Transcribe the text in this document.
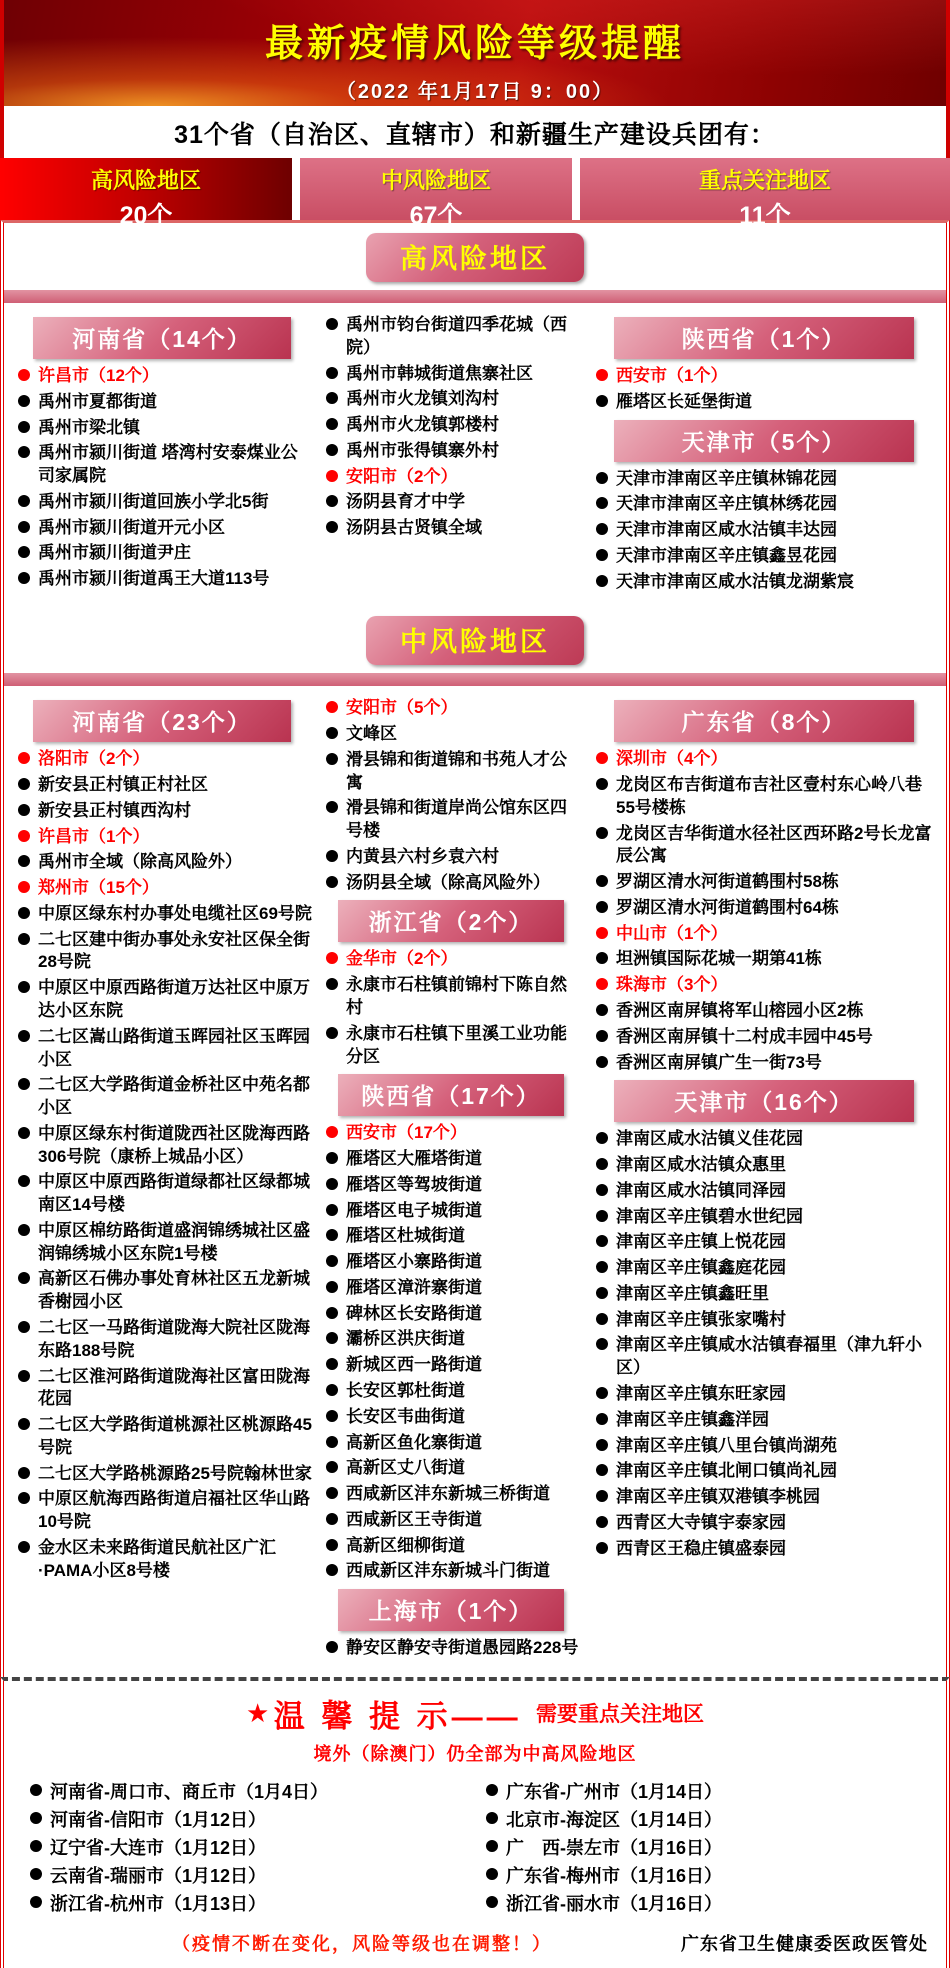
最新疫情风险等级提醒
（2022 年1月17日 9：00）
31个省（自治区、直辖市）和新疆生产建设兵团有：
高风险地区
20个
中风险地区
67个
重点关注地区
11个
高风险地区
河南省（14个）
许昌市（12个）
禹州市夏都街道
禹州市梁北镇
禹州市颍川街道 塔湾村安泰煤业公司家属院
禹州市颍川街道回族小学北5街
禹州市颍川街道开元小区
禹州市颍川街道尹庄
禹州市颍川街道禹王大道113号
禹州市钧台街道四季花城（西院）
禹州市韩城街道焦寨社区
禹州市火龙镇刘沟村
禹州市火龙镇郭楼村
禹州市张得镇寨外村
安阳市（2个）
汤阴县育才中学
汤阴县古贤镇全域
陕西省（1个）
西安市（1个）
雁塔区长延堡街道
天津市（5个）
天津市津南区辛庄镇林锦花园
天津市津南区辛庄镇林绣花园
天津市津南区咸水沽镇丰达园
天津市津南区辛庄镇鑫昱花园
天津市津南区咸水沽镇龙湖紫宸
中风险地区
河南省（23个）
洛阳市（2个）
新安县正村镇正村社区
新安县正村镇西沟村
许昌市（1个）
禹州市全域（除高风险外）
郑州市（15个）
中原区绿东村办事处电缆社区69号院
二七区建中街办事处永安社区保全街28号院
中原区中原西路街道万达社区中原万达小区东院
二七区嵩山路街道玉晖园社区玉晖园小区
二七区大学路街道金桥社区中苑名都小区
中原区绿东村街道陇西社区陇海西路306号院（康桥上城品小区）
中原区中原西路街道绿都社区绿都城南区14号楼
中原区棉纺路街道盛润锦绣城社区盛润锦绣城小区东院1号楼
高新区石佛办事处育林社区五龙新城香榭园小区
二七区一马路街道陇海大院社区陇海东路188号院
二七区淮河路街道陇海社区富田陇海花园
二七区大学路街道桃源社区桃源路45号院
二七区大学路桃源路25号院翰林世家
中原区航海西路街道启福社区华山路10号院
金水区未来路街道民航社区广汇·PAMA小区8号楼
安阳市（5个）
文峰区
滑县锦和街道锦和书苑人才公寓
滑县锦和街道岸尚公馆东区四号楼
内黄县六村乡袁六村
汤阴县全域（除高风险外）
浙江省（2个）
金华市（2个）
永康市石柱镇前锦村下陈自然村
永康市石柱镇下里溪工业功能分区
陕西省（17个）
西安市（17个）
雁塔区大雁塔街道
雁塔区等驾坡街道
雁塔区电子城街道
雁塔区杜城街道
雁塔区小寨路街道
雁塔区漳浒寨街道
碑林区长安路街道
灞桥区洪庆街道
新城区西一路街道
长安区郭杜街道
长安区韦曲街道
高新区鱼化寨街道
高新区丈八街道
西咸新区沣东新城三桥街道
西咸新区王寺街道
高新区细柳街道
西咸新区沣东新城斗门街道
上海市（1个）
静安区静安寺街道愚园路228号
广东省（8个）
深圳市（4个）
龙岗区布吉街道布吉社区壹村东心岭八巷55号楼栋
龙岗区吉华街道水径社区西环路2号长龙富辰公寓
罗湖区清水河街道鹤围村58栋
罗湖区清水河街道鹤围村64栋
中山市（1个）
坦洲镇国际花城一期第41栋
珠海市（3个）
香洲区南屏镇将军山榕园小区2栋
香洲区南屏镇十二村成丰园中45号
香洲区南屏镇广生一街73号
天津市（16个）
津南区咸水沽镇义佳花园
津南区咸水沽镇众惠里
津南区咸水沽镇同泽园
津南区辛庄镇碧水世纪园
津南区辛庄镇上悦花园
津南区辛庄镇鑫庭花园
津南区辛庄镇鑫旺里
津南区辛庄镇张家嘴村
津南区辛庄镇咸水沽镇春福里（津九轩小区）
津南区辛庄镇东旺家园
津南区辛庄镇鑫洋园
津南区辛庄镇八里台镇尚湖苑
津南区辛庄镇北闸口镇尚礼园
津南区辛庄镇双港镇李桃园
西青区大寺镇宇泰家园
西青区王稳庄镇盛泰园
★ 温 馨 提 示—— 需要重点关注地区
境外（除澳门）仍全部为中高风险地区
河南省-周口市、商丘市（1月4日）
河南省-信阳市（1月12日）
辽宁省-大连市（1月12日）
云南省-瑞丽市（1月12日）
浙江省-杭州市（1月13日）
广东省-广州市（1月14日）
北京市-海淀区（1月14日）
广　西-崇左市（1月16日）
广东省-梅州市（1月16日）
浙江省-丽水市（1月16日）
（疫情不断在变化，风险等级也在调整！）	广东省卫生健康委医政医管处
